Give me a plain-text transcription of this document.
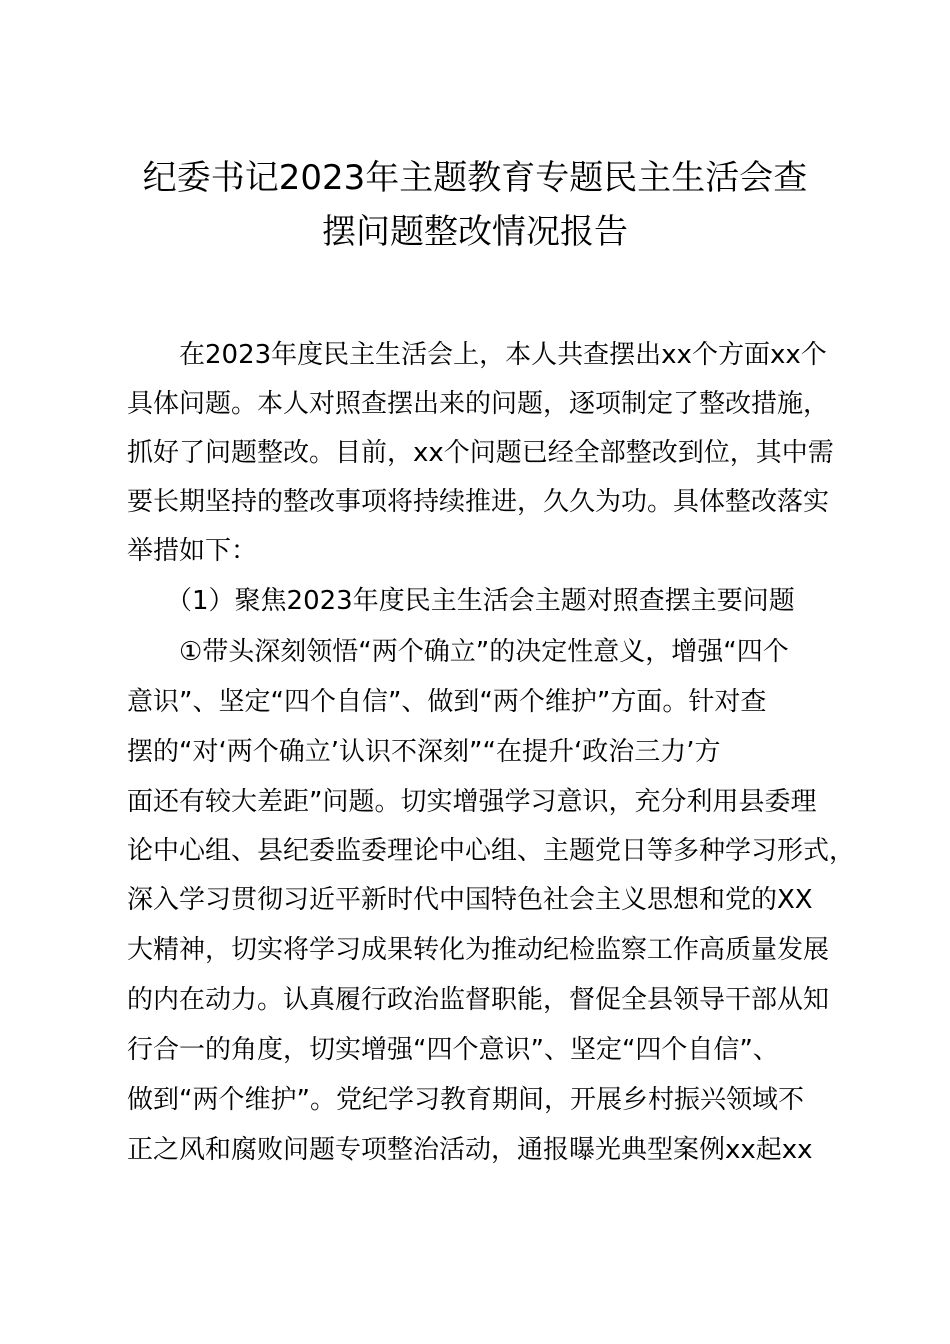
纪委书记2023年主题教育专题民主生活会查
摆问题整改情况报告

　　在2023年度民主生活会上，本人共查摆出xx个方面xx个

具体问题。本人对照查摆出来的问题，逐项制定了整改措施，

抓好了问题整改。目前，xx个问题已经全部整改到位，其中需

要长期坚持的整改事项将持续推进，久久为功。具体整改落实

举措如下：

　　（1）聚焦2023年度民主生活会主题对照查摆主要问题

　　①带头深刻领悟“两个确立”的决定性意义，增强“四个

意识”、坚定“四个自信”、做到“两个维护”方面。针对查

摆的“对‘两个确立’认识不深刻”“在提升‘政治三力’方

面还有较大差距”问题。切实增强学习意识，充分利用县委理

论中心组、县纪委监委理论中心组、主题党日等多种学习形式，

深入学习贯彻习近平新时代中国特色社会主义思想和党的XX

大精神，切实将学习成果转化为推动纪检监察工作高质量发展

的内在动力。认真履行政治监督职能，督促全县领导干部从知

行合一的角度，切实增强“四个意识”、坚定“四个自信”、

做到“两个维护”。党纪学习教育期间，开展乡村振兴领域不

正之风和腐败问题专项整治活动，通报曝光典型案例xx起xx
